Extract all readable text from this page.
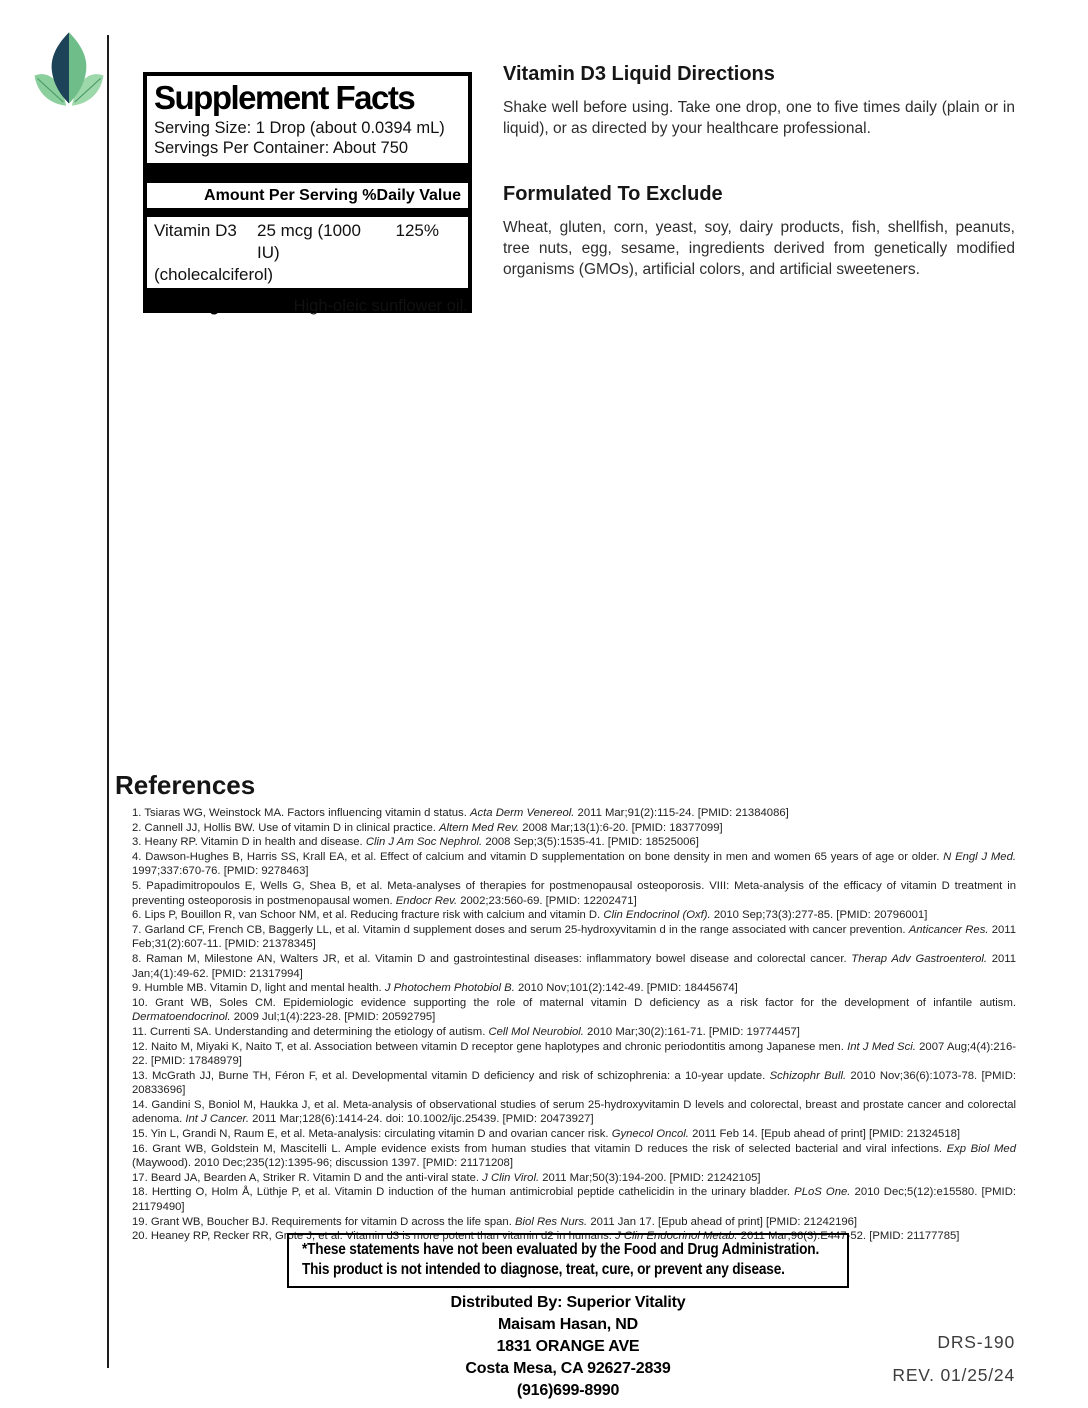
Supplement Facts
Serving Size: 1 Drop (about 0.0394 mL)
Servings Per Container: About 750
Amount Per Serving %Daily Value
Vitamin D3	25 mcg (1000 IU)
125%
(cholecalciferol)
Other Ingredients: High-oleic sunflower oil.
Vitamin D3 Liquid Directions

Shake well before using. Take one drop, one to five times daily (plain or in liquid), or as directed by your healthcare professional.

Formulated To Exclude

Wheat, gluten, corn, yeast, soy, dairy products, fish, shellfish, peanuts, tree nuts, egg, sesame, ingredients derived from genetically modified organisms (GMOs), artificial colors, and artificial sweeteners.

References

1. Tsiaras WG, Weinstock MA. Factors influencing vitamin d status. Acta Derm Venereol. 2011 Mar;91(2):115-24. [PMID: 21384086]

2. Cannell JJ, Hollis BW. Use of vitamin D in clinical practice. Altern Med Rev. 2008 Mar;13(1):6-20. [PMID: 18377099]

3. Heany RP. Vitamin D in health and disease. Clin J Am Soc Nephrol. 2008 Sep;3(5):1535-41. [PMID: 18525006]

4. Dawson-Hughes B, Harris SS, Krall EA, et al. Effect of calcium and vitamin D supplementation on bone density in men and women 65 years of age or older. N Engl J Med. 1997;337:670-76. [PMID: 9278463]

5. Papadimitropoulos E, Wells G, Shea B, et al. Meta-analyses of therapies for postmenopausal osteoporosis. VIII: Meta-analysis of the efficacy of vitamin D treatment in preventing osteoporosis in postmenopausal women. Endocr Rev. 2002;23:560-69. [PMID: 12202471]

6. Lips P, Bouillon R, van Schoor NM, et al. Reducing fracture risk with calcium and vitamin D. Clin Endocrinol (Oxf). 2010 Sep;73(3):277-85. [PMID: 20796001]

7. Garland CF, French CB, Baggerly LL, et al. Vitamin d supplement doses and serum 25-hydroxyvitamin d in the range associated with cancer prevention. Anticancer Res. 2011 Feb;31(2):607-11. [PMID: 21378345]

8. Raman M, Milestone AN, Walters JR, et al. Vitamin D and gastrointestinal diseases: inflammatory bowel disease and colorectal cancer. Therap Adv Gastroenterol. 2011 Jan;4(1):49-62. [PMID: 21317994]

9. Humble MB. Vitamin D, light and mental health. J Photochem Photobiol B. 2010 Nov;101(2):142-49. [PMID: 18445674]

10. Grant WB, Soles CM. Epidemiologic evidence supporting the role of maternal vitamin D deficiency as a risk factor for the development of infantile autism. Dermatoendocrinol. 2009 Jul;1(4):223-28. [PMID: 20592795]

11. Currenti SA. Understanding and determining the etiology of autism. Cell Mol Neurobiol. 2010 Mar;30(2):161-71. [PMID: 19774457]

12. Naito M, Miyaki K, Naito T, et al. Association between vitamin D receptor gene haplotypes and chronic periodontitis among Japanese men. Int J Med Sci. 2007 Aug;4(4):216-22. [PMID: 17848979]

13. McGrath JJ, Burne TH, Féron F, et al. Developmental vitamin D deficiency and risk of schizophrenia: a 10-year update. Schizophr Bull. 2010 Nov;36(6):1073-78. [PMID: 20833696]

14. Gandini S, Boniol M, Haukka J, et al. Meta-analysis of observational studies of serum 25-hydroxyvitamin D levels and colorectal, breast and prostate cancer and colorectal adenoma. Int J Cancer. 2011 Mar;128(6):1414-24. doi: 10.1002/ijc.25439. [PMID: 20473927]

15. Yin L, Grandi N, Raum E, et al. Meta-analysis: circulating vitamin D and ovarian cancer risk. Gynecol Oncol. 2011 Feb 14. [Epub ahead of print] [PMID: 21324518]

16. Grant WB, Goldstein M, Mascitelli L. Ample evidence exists from human studies that vitamin D reduces the risk of selected bacterial and viral infections. Exp Biol Med (Maywood). 2010 Dec;235(12):1395-96; discussion 1397. [PMID: 21171208]

17. Beard JA, Bearden A, Striker R. Vitamin D and the anti-viral state. J Clin Virol. 2011 Mar;50(3):194-200. [PMID: 21242105]

18. Hertting O, Holm Å, Lüthje P, et al. Vitamin D induction of the human antimicrobial peptide cathelicidin in the urinary bladder. PLoS One. 2010 Dec;5(12):e15580. [PMID: 21179490]

19. Grant WB, Boucher BJ. Requirements for vitamin D across the life span. Biol Res Nurs. 2011 Jan 17. [Epub ahead of print] [PMID: 21242196]

20. Heaney RP, Recker RR, Grote J, et al. Vitamin d3 is more potent than vitamin d2 in humans. J Clin Endocrinol Metab. 2011 Mar;96(3):E447-52. [PMID: 21177785]

*These statements have not been evaluated by the Food and Drug Administration.
This product is not intended to diagnose, treat, cure, or prevent any disease.
Distributed By: Superior Vitality
Maisam Hasan, ND
1831 ORANGE AVE
Costa Mesa, CA 92627-2839
(916)699-8990
DRS-190
REV. 01/25/24
